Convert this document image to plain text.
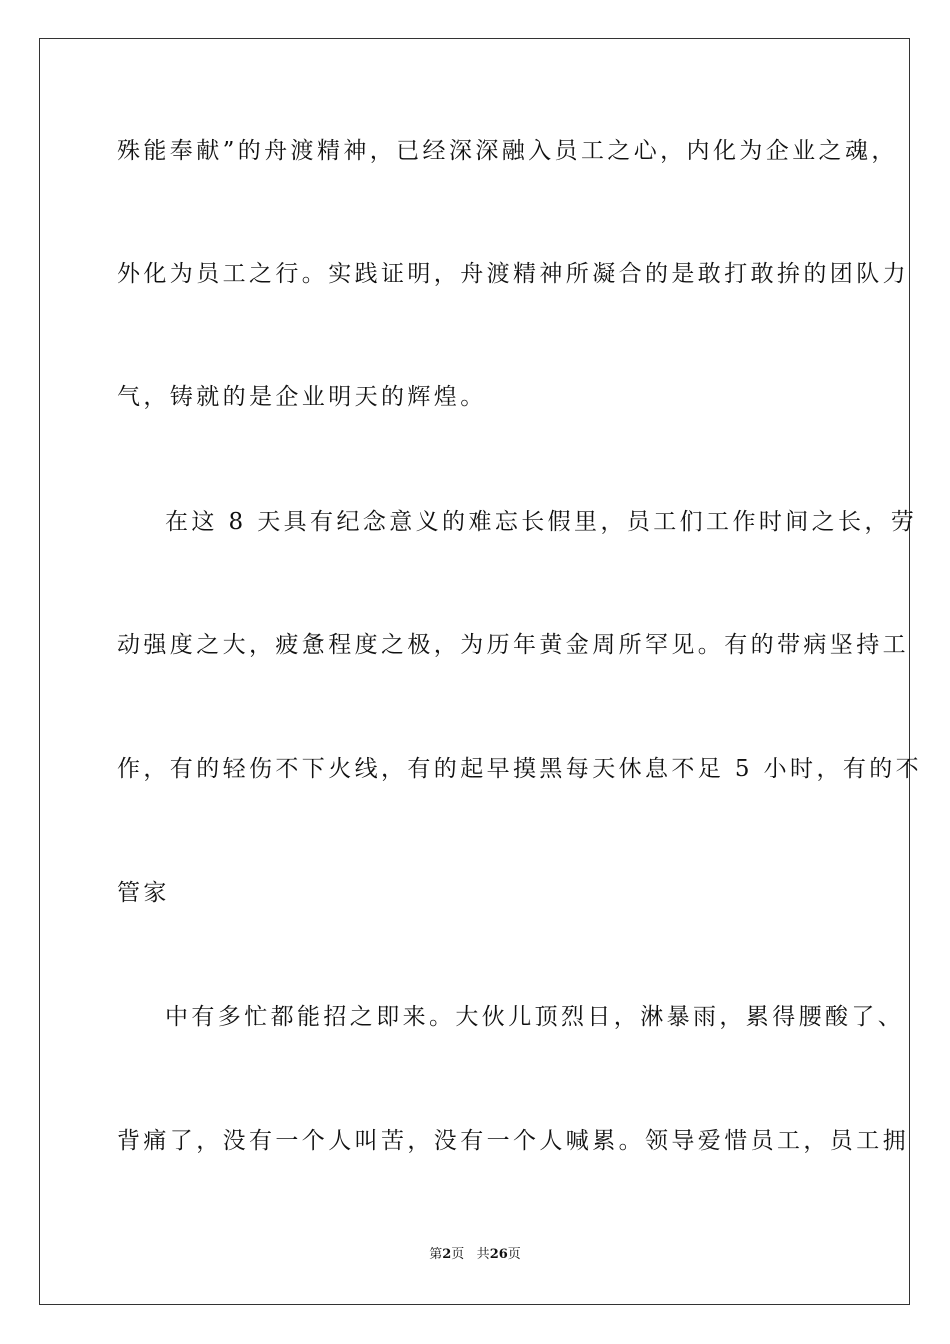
殊能奉献”的舟渡精神，已经深深融入员工之心，内化为企业之魂，
外化为员工之行。实践证明，舟渡精神所凝合的是敢打敢拚的团队力
气，铸就的是企业明天的辉煌。
在这 8 天具有纪念意义的难忘长假里，员工们工作时间之长，劳
动强度之大，疲惫程度之极，为历年黄金周所罕见。有的带病坚持工
作，有的轻伤不下火线，有的起早摸黑每天休息不足 5 小时，有的不
管家
中有多忙都能招之即来。大伙儿顶烈日，淋暴雨，累得腰酸了、
背痛了，没有一个人叫苦，没有一个人喊累。领导爱惜员工，员工拥
第2页 共26页
